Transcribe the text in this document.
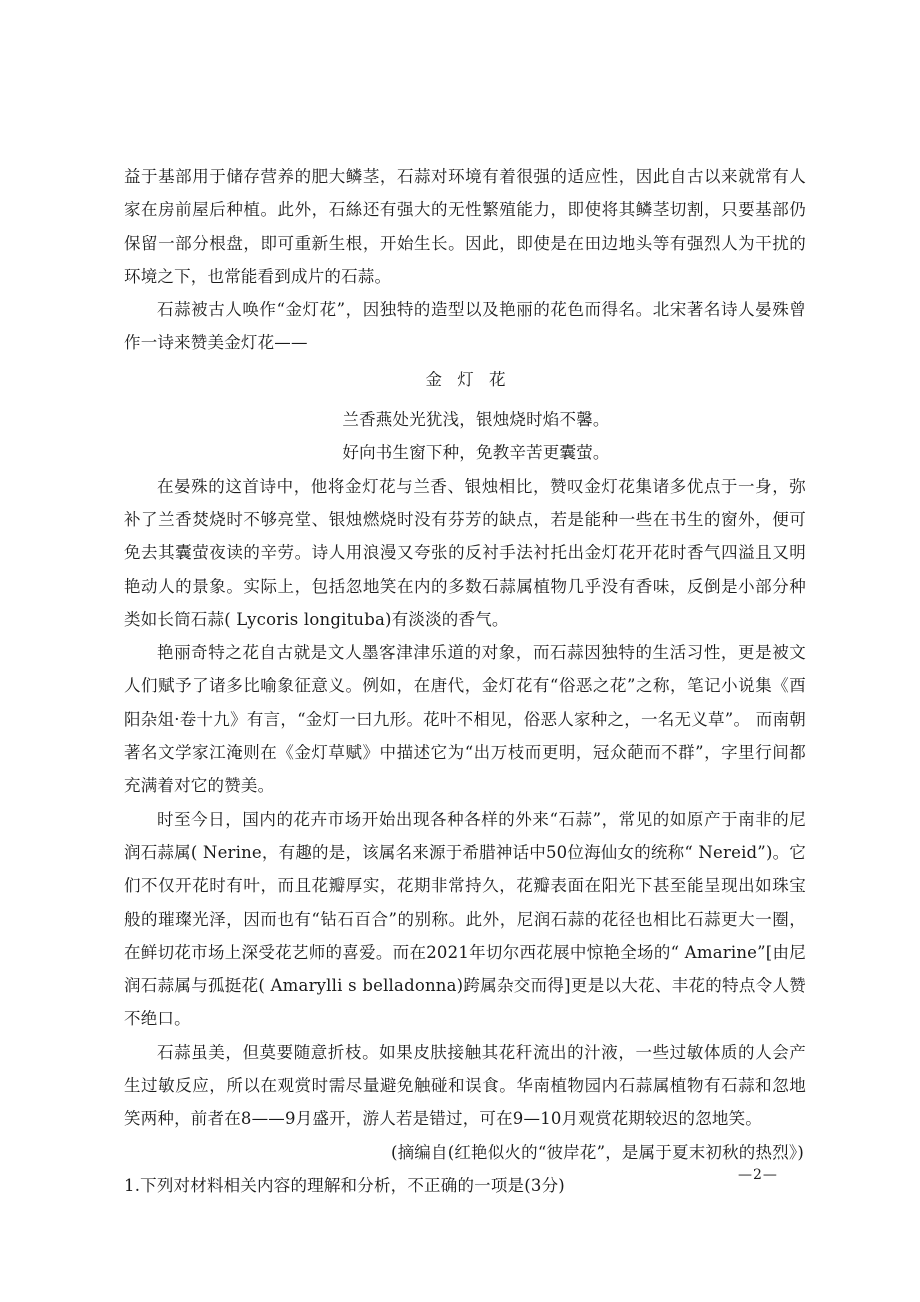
益于基部用于储存营养的肥大鳞茎，石蒜对环境有着很强的适应性，因此自古以来就常有人家在房前屋后种植。此外，石絲还有强大的无性繁殖能力，即使将其鳞茎切割，只要基部仍保留一部分根盘，即可重新生根，开始生长。因此，即使是在田边地头等有强烈人为干扰的环境之下，也常能看到成片的石蒜。

石蒜被古人唤作“金灯花”，因独特的造型以及艳丽的花色而得名。北宋著名诗人晏殊曾作一诗来赞美金灯花——

金 灯 花

兰香燕处光犹浅，银烛烧时焰不馨。

好向书生窗下种，免教辛苦更囊萤。

在晏殊的这首诗中，他将金灯花与兰香、银烛相比，赞叹金灯花集诸多优点于一身，弥补了兰香焚烧时不够亮堂、银烛燃烧时没有芬芳的缺点，若是能种一些在书生的窗外，便可免去其囊萤夜读的辛劳。诗人用浪漫又夸张的反衬手法衬托出金灯花开花时香气四溢且又明艳动人的景象。实际上，包括忽地笑在内的多数石蒜属植物几乎没有香味，反倒是小部分种类如长筒石蒜( Lycoris longituba)有淡淡的香气。

艳丽奇特之花自古就是文人墨客津津乐道的对象，而石蒜因独特的生活习性，更是被文人们赋予了诸多比喻象征意义。例如，在唐代，金灯花有“俗恶之花”之称，笔记小说集《酉阳杂俎·卷十九》有言，“金灯一曰九形。花叶不相见，俗恶人家种之，一名无义草”。 而南朝著名文学家江淹则在《金灯草赋》中描述它为“出万枝而更明，冠众葩而不群”，字里行间都充满着对它的赞美。

时至今日，国内的花卉市场开始出现各种各样的外来“石蒜”，常见的如原产于南非的尼润石蒜属( Nerine，有趣的是，该属名来源于希腊神话中50位海仙女的统称“ Nereid”)。它们不仅开花时有叶，而且花瓣厚实，花期非常持久，花瓣表面在阳光下甚至能呈现出如珠宝般的璀璨光泽，因而也有“钻石百合”的别称。此外，尼润石蒜的花径也相比石蒜更大一圈，在鲜切花市场上深受花艺师的喜爱。而在2021年切尔西花展中惊艳全场的“ Amarine”[由尼润石蒜属与孤挺花( Amarylli s belladonna)跨属杂交而得]更是以大花、丰花的特点令人赞不绝口。

石蒜虽美，但莫要随意折枝。如果皮肤接触其花秆流出的汁液，一些过敏体质的人会产生过敏反应，所以在观赏时需尽量避免触碰和误食。华南植物园内石蒜属植物有石蒜和忽地笑两种，前者在8——9月盛开，游人若是错过，可在9—10月观赏花期较迟的忽地笑。

(摘编自(红艳似火的“彼岸花”，是属于夏末初秋的热烈》)

1.下列对材料相关内容的理解和分析，不正确的一项是(3分)

—2—
